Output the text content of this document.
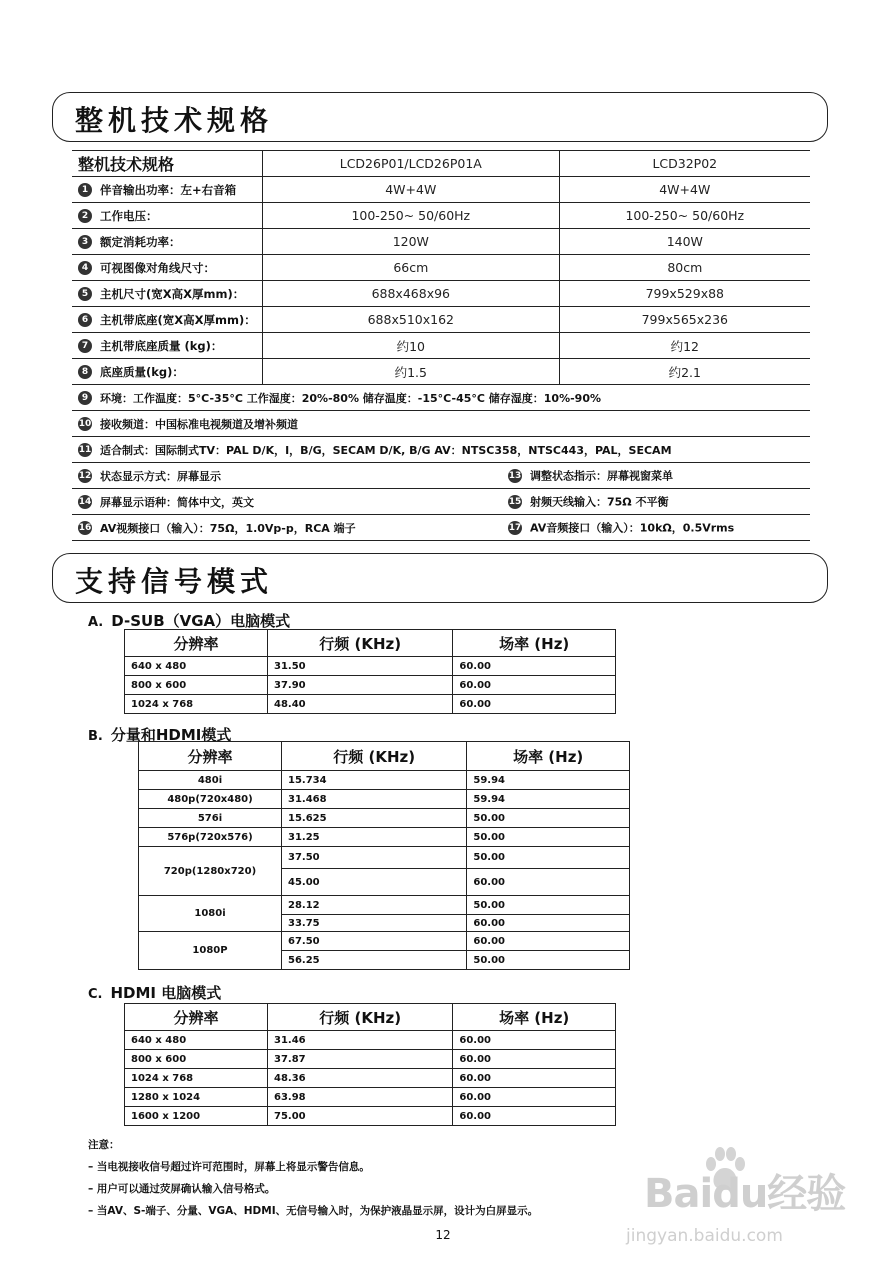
整机技术规格
整机技术规格	LCD26P01/LCD26P01A	LCD32P02
1 伴音输出功率：左+右音箱	4W+4W	4W+4W
2 工作电压：	100-250~ 50/60Hz	100-250~ 50/60Hz
3 额定消耗功率：	120W	140W
4 可视图像对角线尺寸：	66cm	80cm
5 主机尺寸(宽X高X厚mm)：	688x468x96	799x529x88
6 主机带底座(宽X高X厚mm)：	688x510x162	799x565x236
7 主机带底座质量 (kg)：	约10	约12
8 底座质量(kg)：	约1.5	约2.1
9 环境：工作温度：5°C-35°C 工作湿度：20%-80% 储存温度：-15°C-45°C 储存湿度：10%-90%		
10 接收频道：中国标准电视频道及增补频道		
11 适合制式：国际制式TV：PAL D/K，I，B/G，SECAM D/K, B/G AV：NTSC358，NTSC443，PAL，SECAM		
12 状态显示方式：屏幕显示 13 调整状态指示：屏幕视窗菜单		
14 屏幕显示语种：简体中文，英文 15 射频天线输入：75Ω 不平衡		
16 AV视频接口（输入）：75Ω，1.0Vp-p，RCA 端子 17 AV音频接口（输入）：10kΩ，0.5Vrms		
支持信号模式
A. D-SUB（VGA）电脑模式
分辨率	行频 (KHz)	场率 (Hz)
640 x 480	31.50	60.00
800 x 600	37.90	60.00
1024 x 768	48.40	60.00
B. 分量和HDMI模式
分辨率	行频 (KHz)	场率 (Hz)
480i	15.734	59.94
480p(720x480)	31.468	59.94
576i	15.625	50.00
576p(720x576)	31.25	50.00
720p(1280x720)	37.50	50.00
	45.00	60.00
1080i	28.12	50.00
	33.75	60.00
1080P	67.50	60.00
	56.25	50.00
C. HDMI 电脑模式
分辨率	行频 (KHz)	场率 (Hz)
640 x 480	31.46	60.00
800 x 600	37.87	60.00
1024 x 768	48.36	60.00
1280 x 1024	63.98	60.00
1600 x 1200	75.00	60.00
注意：
– 当电视接收信号超过许可范围时，屏幕上将显示警告信息。
– 用户可以通过荧屏确认输入信号格式。
– 当AV、S-端子、分量、VGA、HDMI、无信号输入时，为保护液晶显示屏，设计为白屏显示。
12
Baidu经验
jingyan.baidu.com
